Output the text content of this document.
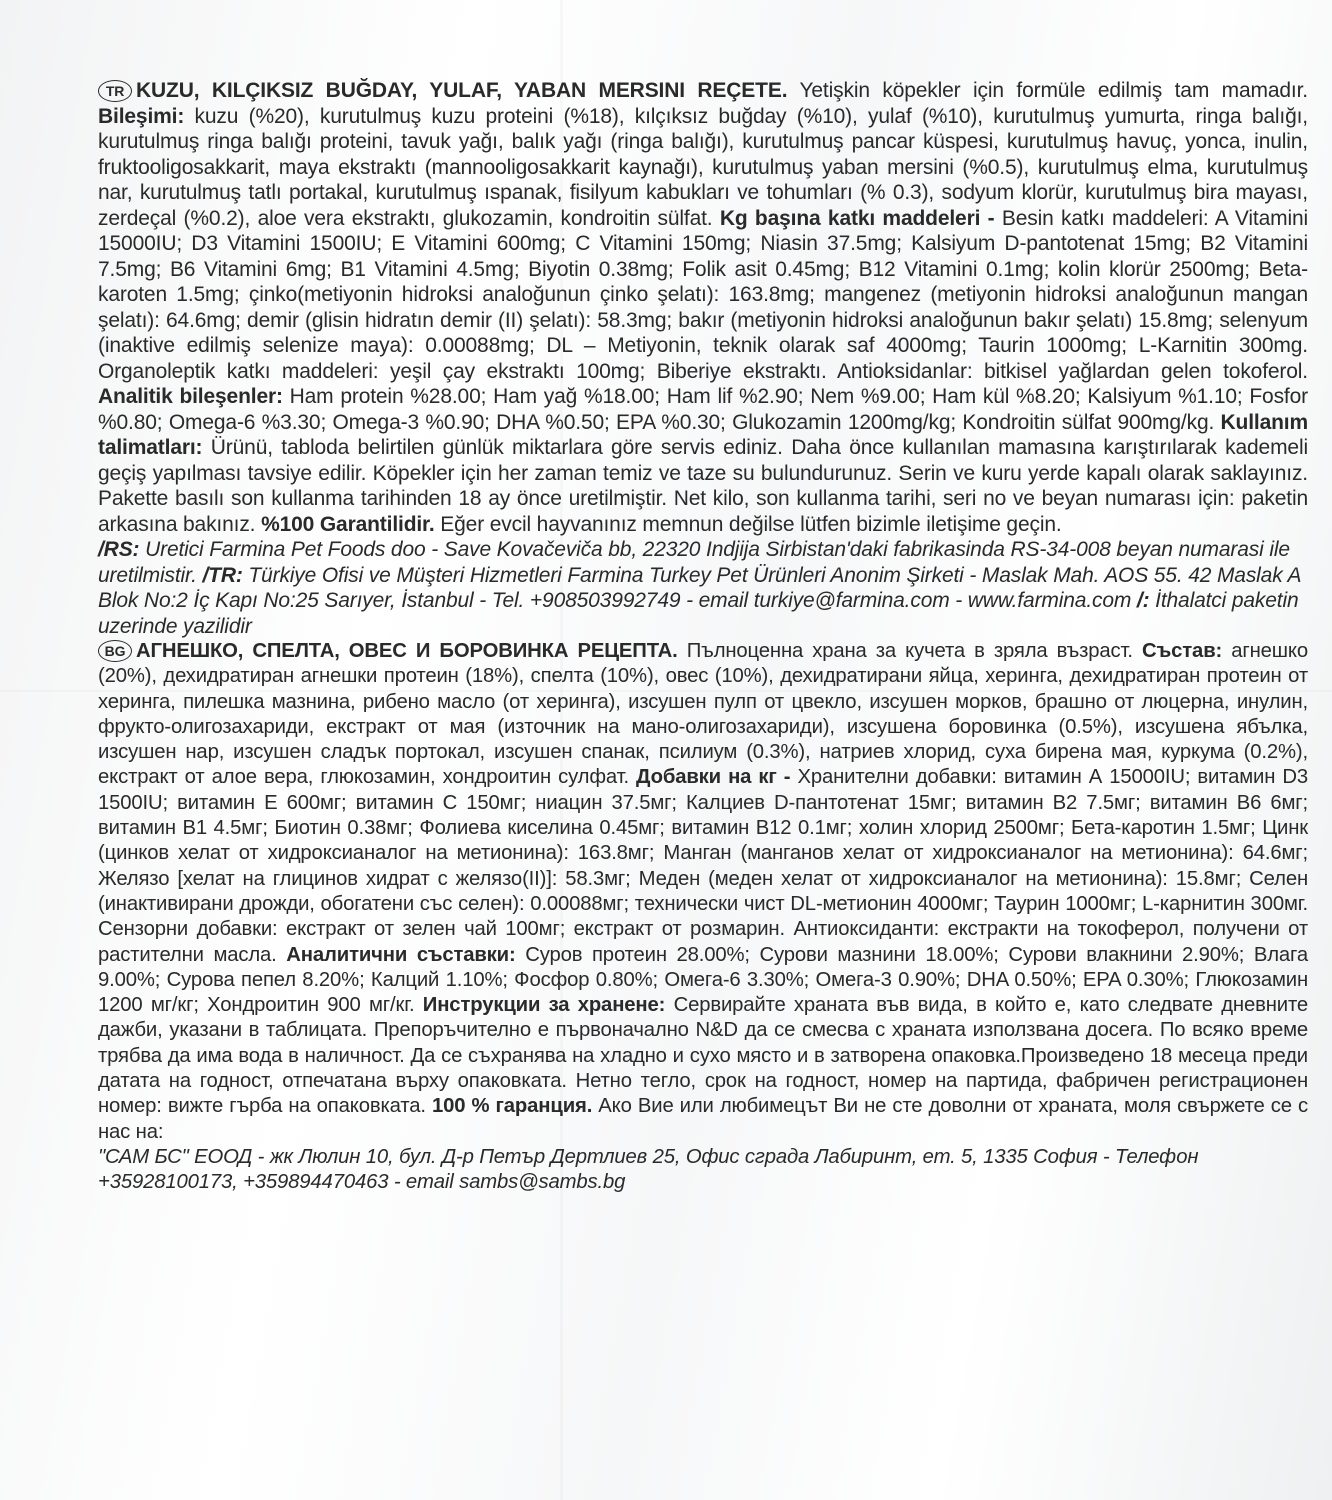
TR KUZU, KILÇIKSIZ BUĞDAY, YULAF, YABAN MERSINI REÇETE. Yetişkin köpekler için formüle edilmiş tam mamadır. Bileşimi: kuzu (%20), kurutulmuş kuzu proteini (%18), kılçıksız buğday (%10), yulaf (%10), kurutulmuş yumurta, ringa balığı, kurutulmuş ringa balığı proteini, tavuk yağı, balık yağı (ringa balığı), kurutulmuş pancar küspesi, kurutulmuş havuç, yonca, inulin, fruktooligosakkarit, maya ekstraktı (mannooligosakkarit kaynağı), kurutulmuş yaban mersini (%0.5), kurutulmuş elma, kurutulmuş nar, kurutulmuş tatlı portakal, kurutulmuş ıspanak, fisilyum kabukları ve tohumları (% 0.3), sodyum klorür, kurutulmuş bira mayası, zerdeçal (%0.2), aloe vera ekstraktı, glukozamin, kondroitin sülfat. Kg başına katkı maddeleri - Besin katkı maddeleri: A Vitamini 15000IU; D3 Vitamini 1500IU; E Vitamini 600mg; C Vitamini 150mg; Niasin 37.5mg; Kalsiyum D-pantotenat 15mg; B2 Vitamini 7.5mg; B6 Vitamini 6mg; B1 Vitamini 4.5mg; Biyotin 0.38mg; Folik asit 0.45mg; B12 Vitamini 0.1mg; kolin klorür 2500mg; Beta-karoten 1.5mg; çinko(metiyonin hidroksi analoğunun çinko şelatı): 163.8mg; mangenez (metiyonin hidroksi analoğunun mangan şelatı): 64.6mg; demir (glisin hidratın demir (II) şelatı): 58.3mg; bakır (metiyonin hidroksi analoğunun bakır şelatı) 15.8mg; selenyum (inaktive edilmiş selenize maya): 0.00088mg; DL – Metiyonin, teknik olarak saf 4000mg; Taurin 1000mg; L-Karnitin 300mg. Organoleptik katkı maddeleri: yeşil çay ekstraktı 100mg; Biberiye ekstraktı. Antioksidanlar: bitkisel yağlardan gelen tokoferol. Analitik bileşenler: Ham protein %28.00; Ham yağ %18.00; Ham lif %2.90; Nem %9.00; Ham kül %8.20; Kalsiyum %1.10; Fosfor %0.80; Omega-6 %3.30; Omega-3 %0.90; DHA %0.50; EPA %0.30; Glukozamin 1200mg/kg; Kondroitin sülfat 900mg/kg. Kullanım talimatları: Ürünü, tabloda belirtilen günlük miktarlara göre servis ediniz. Daha önce kullanılan mamasına karıştırılarak kademeli geçiş yapılması tavsiye edilir. Köpekler için her zaman temiz ve taze su bulundurunuz. Serin ve kuru yerde kapalı olarak saklayınız. Pakette basılı son kullanma tarihinden 18 ay önce uretilmiştir. Net kilo, son kullanma tarihi, seri no ve beyan numarası için: paketin arkasına bakınız. %100 Garantilidir. Eğer evcil hayvanınız memnun değilse lütfen bizimle iletişime geçin.

/RS: Uretici Farmina Pet Foods doo - Save Kovačeviča bb, 22320 Indjija Sirbistan'daki fabrikasinda RS-34-008 beyan numarasi ile uretilmistir. /TR: Türkiye Ofisi ve Müşteri Hizmetleri Farmina Turkey Pet Ürünleri Anonim Şirketi - Maslak Mah. AOS 55. 42 Maslak A Blok No:2 İç Kapı No:25 Sarıyer, İstanbul - Tel. +908503992749 - email turkiye@farmina.com - www.farmina.com /: İthalatci paketin uzerinde yazilidir

BG АГНЕШКО, СПЕЛТА, ОВЕС И БОРОВИНКА РЕЦЕПТА. Пълноценна храна за кучета в зряла възраст. Състав: агнешко (20%), дехидратиран агнешки протеин (18%), спелта (10%), овес (10%), дехидратирани яйца, херинга, дехидратиран протеин от херинга, пилешка мазнина, рибено масло (от херинга), изсушен пулп от цвекло, изсушен морков, брашно от люцерна, инулин, фрукто-олигозахариди, екстракт от мая (източник на мано-олигозахариди), изсушена боровинка (0.5%), изсушена ябълка, изсушен нар, изсушен сладък портокал, изсушен спанак, псилиум (0.3%), натриев хлорид, суха бирена мая, куркума (0.2%), екстракт от алое вера, глюкозамин, хондроитин сулфат. Добавки на кг - Хранителни добавки: витамин А 15000IU; витамин D3 1500IU; витамин Е 600мг; витамин С 150мг; ниацин 37.5мг; Калциев D-пантотенат 15мг; витамин В2 7.5мг; витамин В6 6мг; витамин В1 4.5мг; Биотин 0.38мг; Фолиева киселина 0.45мг; витамин В12 0.1мг; холин хлорид 2500мг; Бета-каротин 1.5мг; Цинк (цинков хелат от хидроксианалог на метионина): 163.8мг; Манган (манганов хелат от хидроксианалог на метионина): 64.6мг; Желязо [хелат на глицинов хидрат с желязо(II)]: 58.3мг; Меден (меден хелат от хидроксианалог на метионина): 15.8мг; Селен (инактивирани дрожди, обогатени със селен): 0.00088мг; технически чист DL-метионин 4000мг; Таурин 1000мг; L-карнитин 300мг. Сензорни добавки: екстракт от зелен чай 100мг; екстракт от розмарин. Антиоксиданти: екстракти на токоферол, получени от растителни масла. Аналитични съставки: Суров протеин 28.00%; Сурови мазнини 18.00%; Сурови влакнини 2.90%; Влага 9.00%; Сурова пепел 8.20%; Калций 1.10%; Фосфор 0.80%; Омега-6 3.30%; Омега-3 0.90%; DHA 0.50%; EPA 0.30%; Глюкозамин 1200 мг/кг; Хондроитин 900 мг/кг. Инструкции за хранене: Сервирайте храната във вида, в който е, като следвате дневните дажби, указани в таблицата. Препоръчително е първоначално N&D да се смесва с храната използвана досега. По всяко време трябва да има вода в наличност. Да се съхранява на хладно и сухо място и в затворена опаковка.Произведено 18 месеца преди датата на годност, отпечатана върху опаковката. Нетно тегло, срок на годност, номер на партида, фабричен регистрационен номер: вижте гърба на опаковката. 100 % гаранция. Ако Вие или любимецът Ви не сте доволни от храната, моля свържете се с нас на:

"САМ БС" ЕООД - жк Люлин 10, бул. Д-р Петър Дертлиев 25, Офис сграда Лабиринт, ет. 5, 1335 София - Телефон +35928100173, +359894470463 - email sambs@sambs.bg
